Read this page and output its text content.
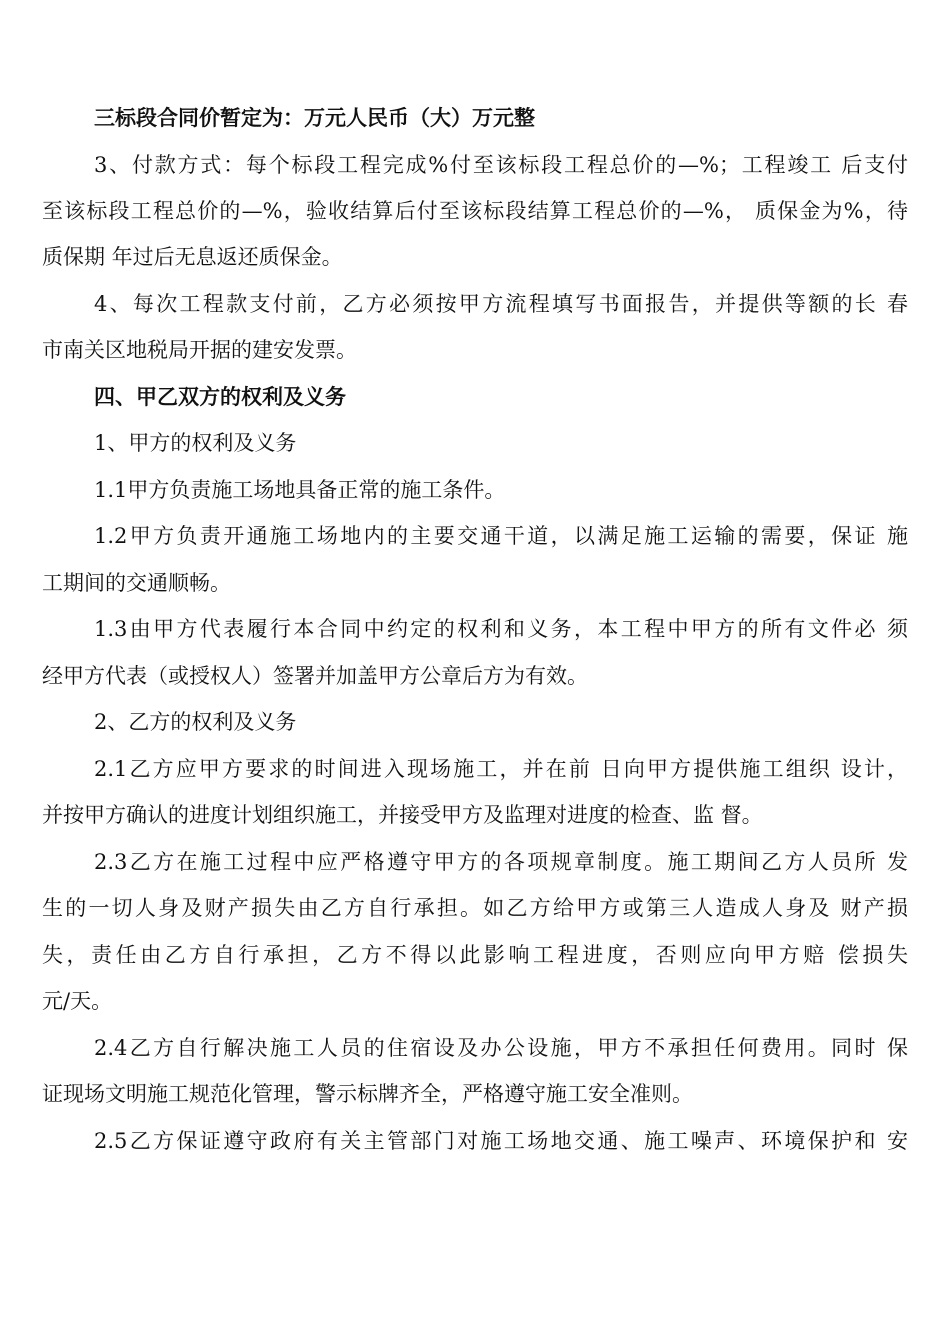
三标段合同价暂定为：万元人民币（大）万元整
3、付款方式：每个标段工程完成%付至该标段工程总价的—%；工程竣工 后支付
至该标段工程总价的—%，验收结算后付至该标段结算工程总价的—%， 质保金为%，待
质保期 年过后无息返还质保金。
4、每次工程款支付前，乙方必须按甲方流程填写书面报告，并提供等额的长 春
市南关区地税局开据的建安发票。
四、甲乙双方的权利及义务
1、甲方的权利及义务
1.1甲方负责施工场地具备正常的施工条件。
1.2甲方负责开通施工场地内的主要交通干道，以满足施工运输的需要，保证 施
工期间的交通顺畅。
1.3由甲方代表履行本合同中约定的权利和义务，本工程中甲方的所有文件必 须
经甲方代表（或授权人）签署并加盖甲方公章后方为有效。
2、乙方的权利及义务
2.1乙方应甲方要求的时间进入现场施工，并在前 日向甲方提供施工组织 设计，
并按甲方确认的进度计划组织施工，并接受甲方及监理对进度的检查、监 督。
2.3乙方在施工过程中应严格遵守甲方的各项规章制度。施工期间乙方人员所 发
生的一切人身及财产损失由乙方自行承担。如乙方给甲方或第三人造成人身及 财产损
失，责任由乙方自行承担，乙方不得以此影响工程进度，否则应向甲方赔 偿损失
元/天。
2.4乙方自行解决施工人员的住宿设及办公设施，甲方不承担任何费用。同时 保
证现场文明施工规范化管理，警示标牌齐全，严格遵守施工安全准则。
2.5乙方保证遵守政府有关主管部门对施工场地交通、施工噪声、环境保护和 安
